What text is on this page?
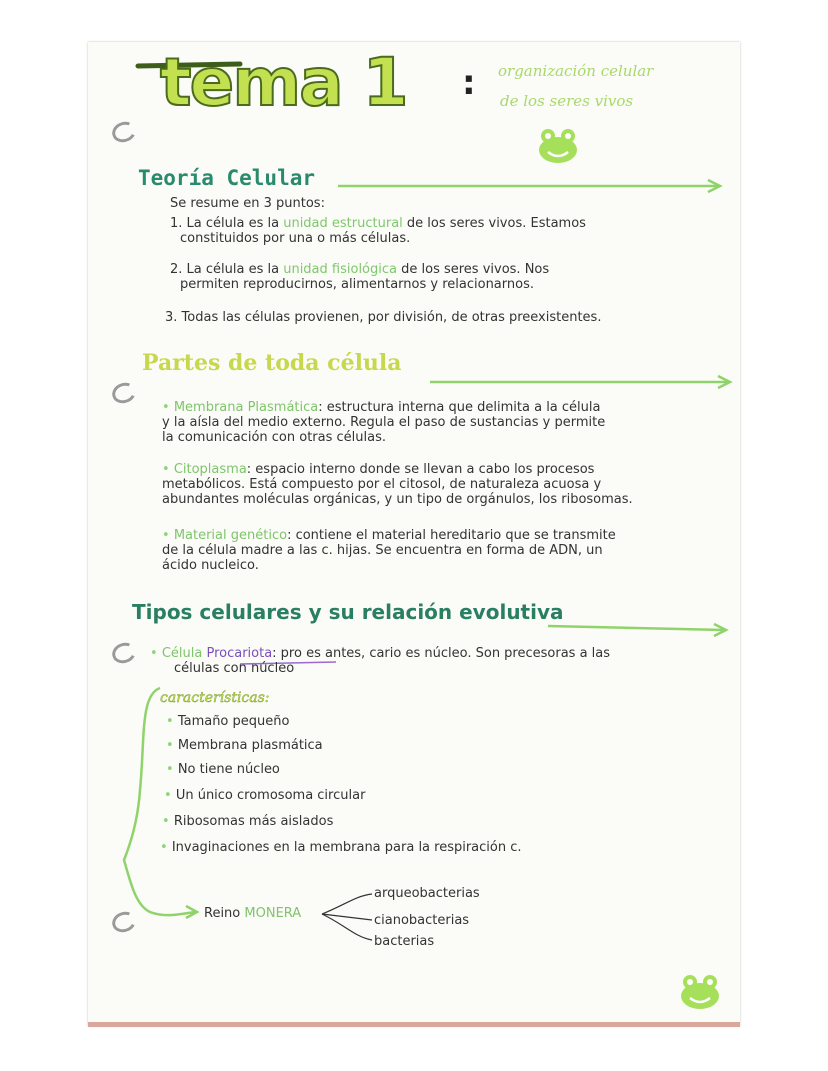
tema 1 : organización celular
de los seres vivos
Teoría Celular
Se resume en 3 puntos:
1. La célula es la unidad estructural de los seres vivos. Estamos
constituidos por una o más células.
2. La célula es la unidad fisiológica de los seres vivos. Nos
permiten reproducirnos, alimentarnos y relacionarnos.
3. Todas las células provienen, por división, de otras preexistentes.
Partes de toda célula
• Membrana Plasmática: estructura interna que delimita a la célula
y la aísla del medio externo. Regula el paso de sustancias y permite
la comunicación con otras células.
• Citoplasma: espacio interno donde se llevan a cabo los procesos
metabólicos. Está compuesto por el citosol, de naturaleza acuosa y
abundantes moléculas orgánicas, y un tipo de orgánulos, los ribosomas.
• Material genético: contiene el material hereditario que se transmite
de la célula madre a las c. hijas. Se encuentra en forma de ADN, un
ácido nucleico.
Tipos celulares y su relación evolutiva
• Célula Procariota: pro es antes, cario es núcleo. Son precesoras a las
células con núcleo
características:
• Tamaño pequeño
• Membrana plasmática
• No tiene núcleo
• Un único cromosoma circular
• Ribosomas más aislados
• Invaginaciones en la membrana para la respiración c.
Reino MONERA
arqueobacterias
cianobacterias
bacterias
